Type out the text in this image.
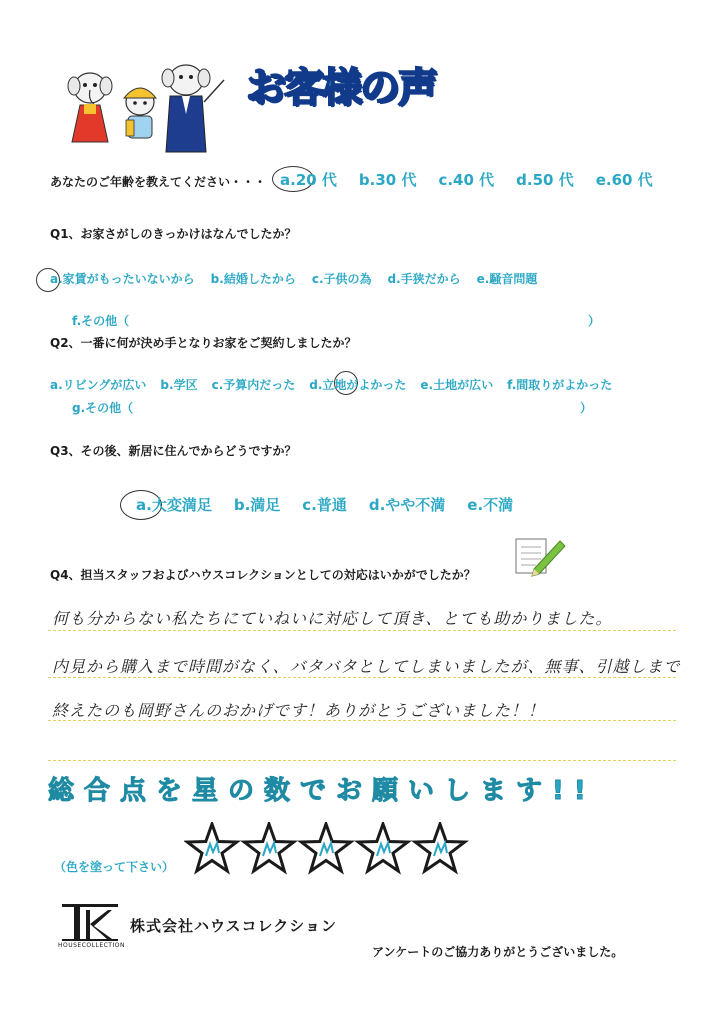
お客様の声
あなたのご年齢を教えてください・・・ a.20 代 b.30 代 c.40 代 d.50 代 e.60 代
Q1、お家さがしのきっかけはなんでしたか？
a.家賃がもったいないから b.結婚したから c.子供の為 d.手狭だから e.騒音問題
f.その他（	）
Q2、一番に何が決め手となりお家をご契約しましたか？
a.リビングが広い b.学区 c.予算内だった d.立地がよかった e.土地が広い f.間取りがよかった
g.その他（	）
Q3、その後、新居に住んでからどうですか？
a.大変満足 b.満足 c.普通 d.やや不満 e.不満
Q4、担当スタッフおよびハウスコレクションとしての対応はいかがでしたか？
何も分からない私たちにていねいに対応して頂き、とても助かりました。
内見から購入まで時間がなく、バタバタとしてしまいましたが、無事、引越しまで
終えたのも岡野さんのおかげです！ありがとうございました！！
総合点を星の数でお願いします!!
（色を塗って下さい）
HOUSECOLLECTION
株式会社ハウスコレクション
アンケートのご協力ありがとうございました。
